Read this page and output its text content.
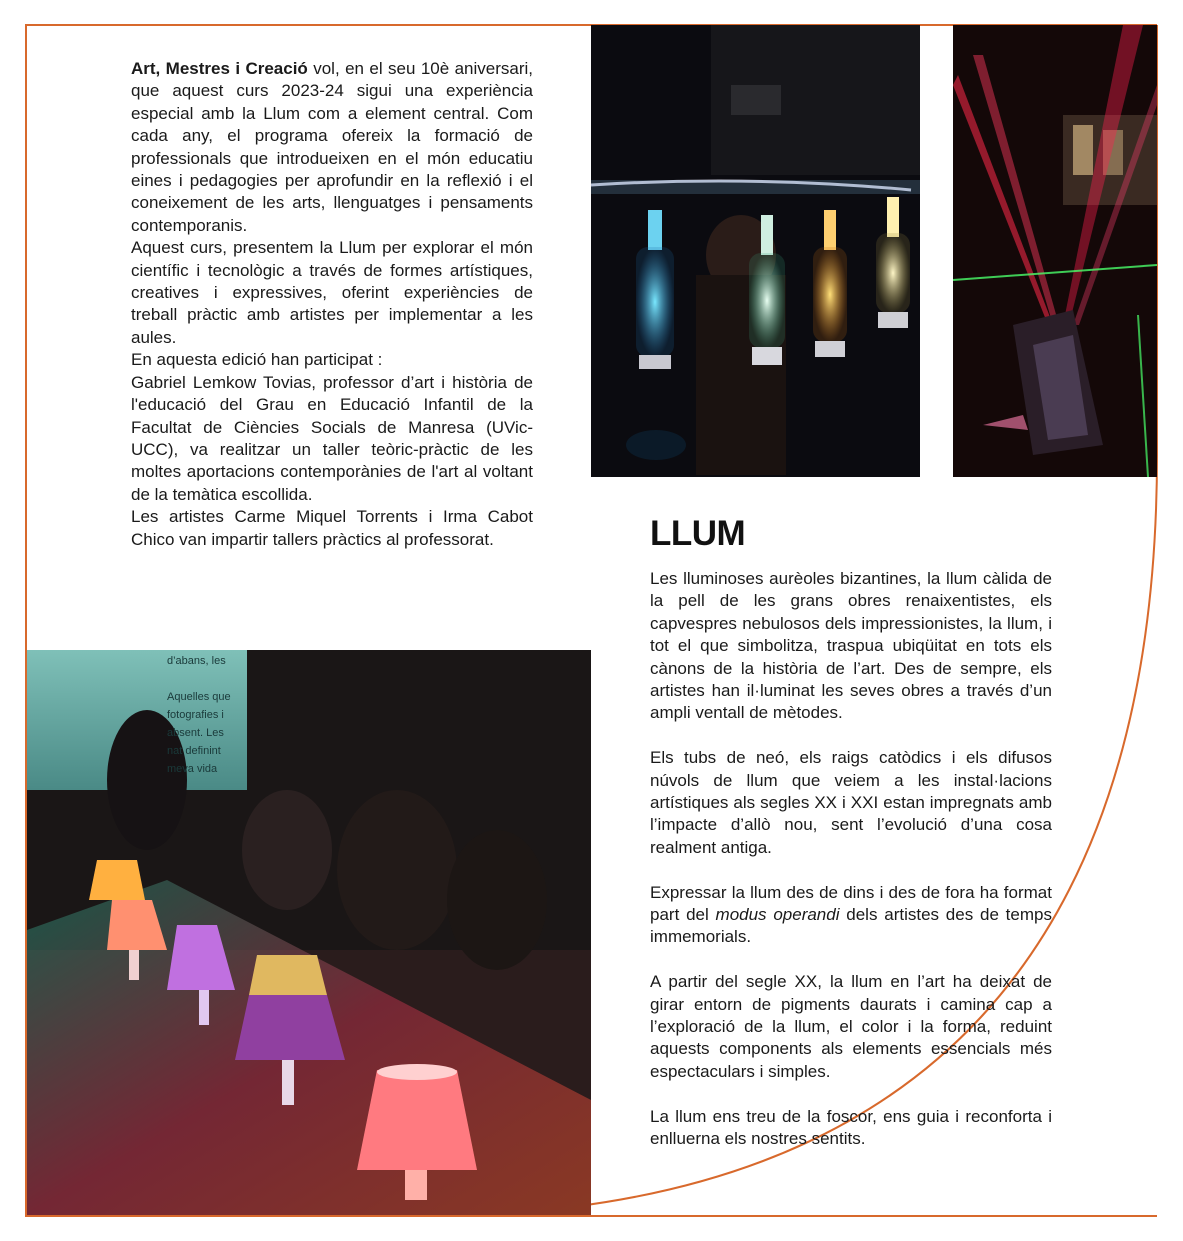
Art, Mestres i Creació vol, en el seu 10è aniversari, que aquest curs 2023-24 sigui una experiència especial amb la Llum com a element central. Com cada any, el programa ofereix la formació de professionals que introdueixen en el món educatiu eines i pedagogies per aprofundir en la reflexió i el coneixement de les arts, llenguatges i pensaments contemporanis.

Aquest curs, presentem la Llum per explorar el món científic i tecnològic a través de formes artístiques, creatives i expressives, oferint experiències de treball pràctic amb artistes per implementar a les aules.

En aquesta edició han participat :

Gabriel Lemkow Tovias, professor d’art i història de l'educació del Grau en Educació Infantil de la Facultat de Ciències Socials de Manresa (UVic-UCC), va realitzar un taller teòric-pràctic de les moltes aportacions contemporànies de l'art al voltant de la temàtica escollida.

Les artistes Carme Miquel Torrents i Irma Cabot Chico van impartir tallers pràctics al professorat.

d’abans, les
Aquelles que
fotografies i
absent. Les
nat definint
meva vida
LLUM

Les lluminoses aurèoles bizantines, la llum càlida de la pell de les grans obres renaixentistes, els capvespres nebulosos dels impressionistes, la llum, i tot el que simbolitza, traspua ubiqüitat en tots els cànons de la història de l’art. Des de sempre, els artistes han il·luminat les seves obres a través d’un ampli ventall de mètodes.

Els tubs de neó, els raigs catòdics i els difusos núvols de llum que veiem a les instal·lacions artístiques als segles XX i XXI estan impregnats amb l’impacte d’allò nou, sent l’evolució d’una cosa realment antiga.

Expressar la llum des de dins i des de fora ha format part del modus operandi dels artistes des de temps immemorials.

A partir del segle XX, la llum en l’art ha deixat de girar entorn de pigments daurats i camina cap a l’exploració de la llum, el color i la forma, reduint aquests components als elements essencials més espectaculars i simples.

La llum ens treu de la foscor, ens guia i reconforta i enlluerna els nostres sentits.
